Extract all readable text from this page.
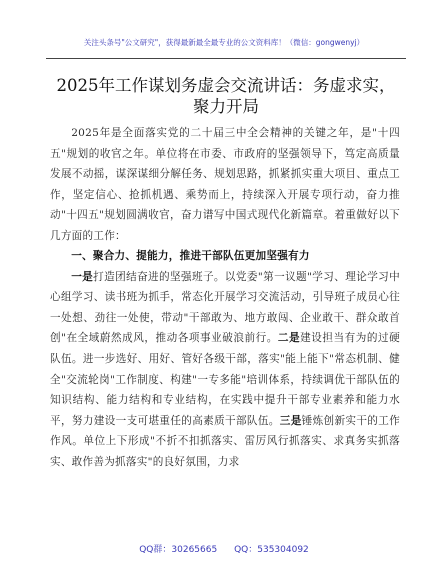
关注头条号"公文研究"，获得最新最全最专业的公文资料库！（微信：gongwenyj）
2025年工作谋划务虚会交流讲话：务虚求实，
聚力开局

2025年是全面落实党的二十届三中全会精神的关键之年，是"十四五"规划的收官之年。单位将在市委、市政府的坚强领导下，笃定高质量发展不动摇，谋深谋细分解任务、规划思路，抓紧抓实重大项目、重点工作，坚定信心、抢抓机遇、乘势而上，持续深入开展专项行动，奋力推动"十四五"规划圆满收官，奋力谱写中国式现代化新篇章。着重做好以下几方面的工作：

一、聚合力、提能力，推进干部队伍更加坚强有力

一是打造团结奋进的坚强班子。以党委"第一议题"学习、理论学习中心组学习、读书班为抓手，常态化开展学习交流活动，引导班子成员心往一处想、劲往一处使，带动"干部敢为、地方敢闯、企业敢干、群众敢首创"在全域蔚然成风，推动各项事业破浪前行。二是建设担当有为的过硬队伍。进一步选好、用好、管好各级干部，落实"能上能下"常态机制、健全"交流轮岗"工作制度、构建"一专多能"培训体系，持续调优干部队伍的知识结构、能力结构和专业结构，在实践中提升干部专业素养和能力水平，努力建设一支可堪重任的高素质干部队伍。三是锤炼创新实干的工作作风。单位上下形成"不折不扣抓落实、雷厉风行抓落实、求真务实抓落实、敢作善为抓落实"的良好氛围，力求

QQ群：30265665 QQ：535304092
